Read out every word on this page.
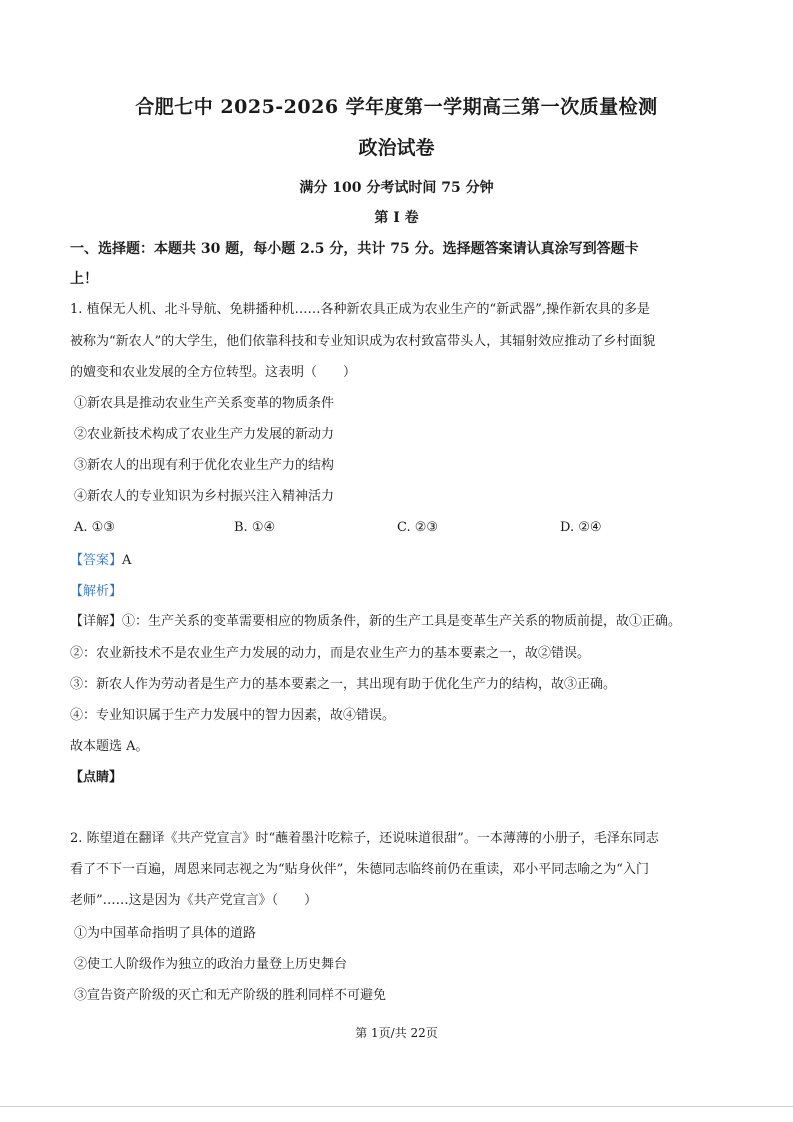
合肥七中 2025-2026 学年度第一学期高三第一次质量检测
政治试卷
满分 100 分考试时间 75 分钟
第 I 卷
一、选择题：本题共 30 题，每小题 2.5 分，共计 75 分。选择题答案请认真涂写到答题卡
上！
1. 植保无人机、北斗导航、免耕播种机……各种新农具正成为农业生产的“新武器”,操作新农具的多是
被称为“新农人”的大学生，他们依靠科技和专业知识成为农村致富带头人，其辐射效应推动了乡村面貌
的嬗变和农业发展的全方位转型。这表明（　　）
①新农具是推动农业生产关系变革的物质条件
②农业新技术构成了农业生产力发展的新动力
③新农人的出现有利于优化农业生产力的结构
④新农人的专业知识为乡村振兴注入精神活力
A. ①③	B. ①④	C. ②③	D. ②④
【答案】A
【解析】
【详解】①：生产关系的变革需要相应的物质条件，新的生产工具是变革生产关系的物质前提，故①正确。
②：农业新技术不是农业生产力发展的动力，而是农业生产力的基本要素之一，故②错误。
③：新农人作为劳动者是生产力的基本要素之一，其出现有助于优化生产力的结构，故③正确。
④：专业知识属于生产力发展中的智力因素，故④错误。
故本题选 A。
【点睛】
2. 陈望道在翻译《共产党宣言》时“蘸着墨汁吃粽子，还说味道很甜”。一本薄薄的小册子，毛泽东同志
看了不下一百遍，周恩来同志视之为“贴身伙伴”，朱德同志临终前仍在重读，邓小平同志喻之为“入门
老师”……这是因为《共产党宣言》（　　）
①为中国革命指明了具体的道路
②使工人阶级作为独立的政治力量登上历史舞台
③宣告资产阶级的灭亡和无产阶级的胜利同样不可避免
第 1页/共 22页
